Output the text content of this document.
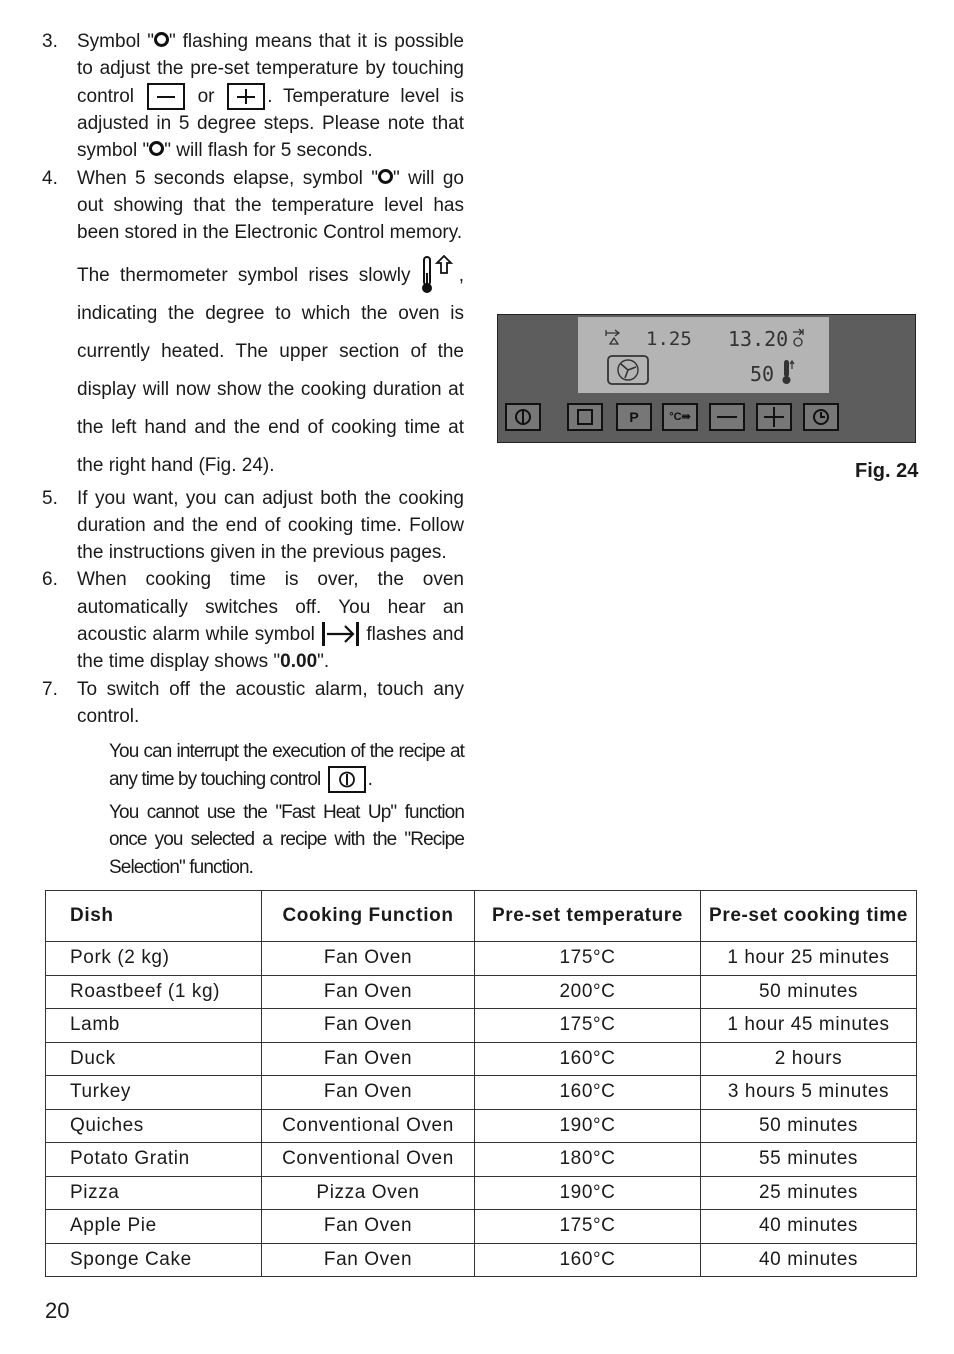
3. Symbol " " flashing means that it is possible to adjust the pre-set temperature by touching control	or	. Temperature level is adjusted in 5 degree steps. Please note that symbol " " will flash for 5 seconds.
4. When 5 seconds elapse, symbol " " will go out showing that the temperature level has been stored in the Electronic Control memory.
The thermometer symbol rises slowly	, indicating the degree to which the oven is currently heated. The upper section of the display will now show the cooking duration at the left hand and the end of cooking time at the right hand (Fig. 24).
5. If you want, you can adjust both the cooking duration and the end of cooking time. Follow the instructions given in the previous pages.
6. When cooking time is over, the oven automatically switches off. You hear an acoustic alarm while symbol	flashes and the time display shows "0.00".
7. To switch off the acoustic alarm, touch any control.
You can interrupt the execution of the recipe at any time by touching control .
You cannot use the "Fast Heat Up" function once you selected a recipe with the "Recipe Selection" function.
1.25 13.20
50
P	°C⇛
Fig. 24
Dish	Cooking Function	Pre-set temperature	Pre-set cooking time
Pork (2 kg)	Fan Oven	175°C	1 hour 25 minutes
Roastbeef (1 kg)	Fan Oven	200°C	50 minutes
Lamb	Fan Oven	175°C	1 hour 45 minutes
Duck	Fan Oven	160°C	2 hours
Turkey	Fan Oven	160°C	3 hours 5 minutes
Quiches	Conventional Oven	190°C	50 minutes
Potato Gratin	Conventional Oven	180°C	55 minutes
Pizza	Pizza Oven	190°C	25 minutes
Apple Pie	Fan Oven	175°C	40 minutes
Sponge Cake	Fan Oven	160°C	40 minutes
20
